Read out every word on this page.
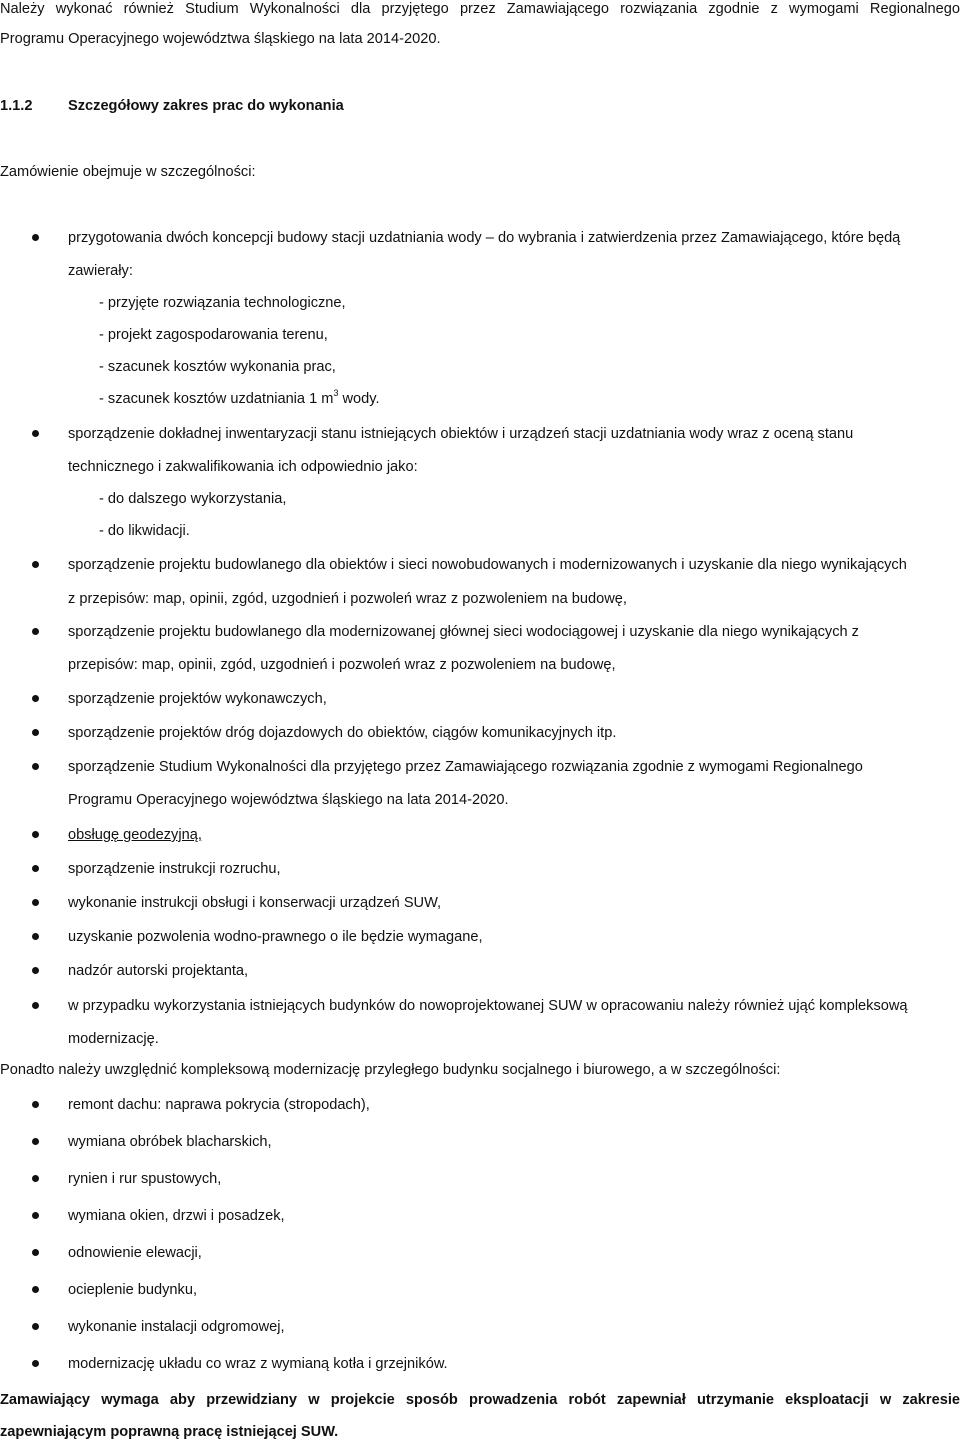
Należy wykonać również Studium Wykonalności dla przyjętego przez Zamawiającego rozwiązania zgodnie z wymogami Regionalnego
Programu Operacyjnego województwa śląskiego na lata 2014-2020.
1.1.2 Szczegółowy zakres prac do wykonania
Zamówienie obejmuje w szczególności:
przygotowania dwóch koncepcji budowy stacji uzdatniania wody – do wybrania i zatwierdzenia przez Zamawiającego, które będą
zawierały:
- przyjęte rozwiązania technologiczne,
- projekt zagospodarowania terenu,
- szacunek kosztów wykonania prac,
- szacunek kosztów uzdatniania 1 $m^3$ wody.
sporządzenie dokładnej inwentaryzacji stanu istniejących obiektów i urządzeń stacji uzdatniania wody wraz z oceną stanu
technicznego i zakwalifikowania ich odpowiednio jako:
- do dalszego wykorzystania,
- do likwidacji.
sporządzenie projektu budowlanego dla obiektów i sieci nowobudowanych i modernizowanych i uzyskanie dla niego wynikających
z przepisów: map, opinii, zgód, uzgodnień i pozwoleń wraz z pozwoleniem na budowę,
sporządzenie projektu budowlanego dla modernizowanej głównej sieci wodociągowej i uzyskanie dla niego wynikających z
przepisów: map, opinii, zgód, uzgodnień i pozwoleń wraz z pozwoleniem na budowę,
sporządzenie projektów wykonawczych,
sporządzenie projektów dróg dojazdowych do obiektów, ciągów komunikacyjnych itp.
sporządzenie Studium Wykonalności dla przyjętego przez Zamawiającego rozwiązania zgodnie z wymogami Regionalnego
Programu Operacyjnego województwa śląskiego na lata 2014-2020.
obsługę geodezyjną,
sporządzenie instrukcji rozruchu,
wykonanie instrukcji obsługi i konserwacji urządzeń SUW,
uzyskanie pozwolenia wodno-prawnego o ile będzie wymagane,
nadzór autorski projektanta,
w przypadku wykorzystania istniejących budynków do nowoprojektowanej SUW w opracowaniu należy również ująć kompleksową
modernizację.
Ponadto należy uwzględnić kompleksową modernizację przyległego budynku socjalnego i biurowego, a w szczególności:
remont dachu: naprawa pokrycia (stropodach),
wymiana obróbek blacharskich,
rynien i rur spustowych,
wymiana okien, drzwi i posadzek,
odnowienie elewacji,
ocieplenie budynku,
wykonanie instalacji odgromowej,
modernizację układu co wraz z wymianą kotła i grzejników.
Zamawiający wymaga aby przewidziany w projekcie sposób prowadzenia robót zapewniał utrzymanie eksploatacji w zakresie
zapewniającym poprawną pracę istniejącej SUW.
